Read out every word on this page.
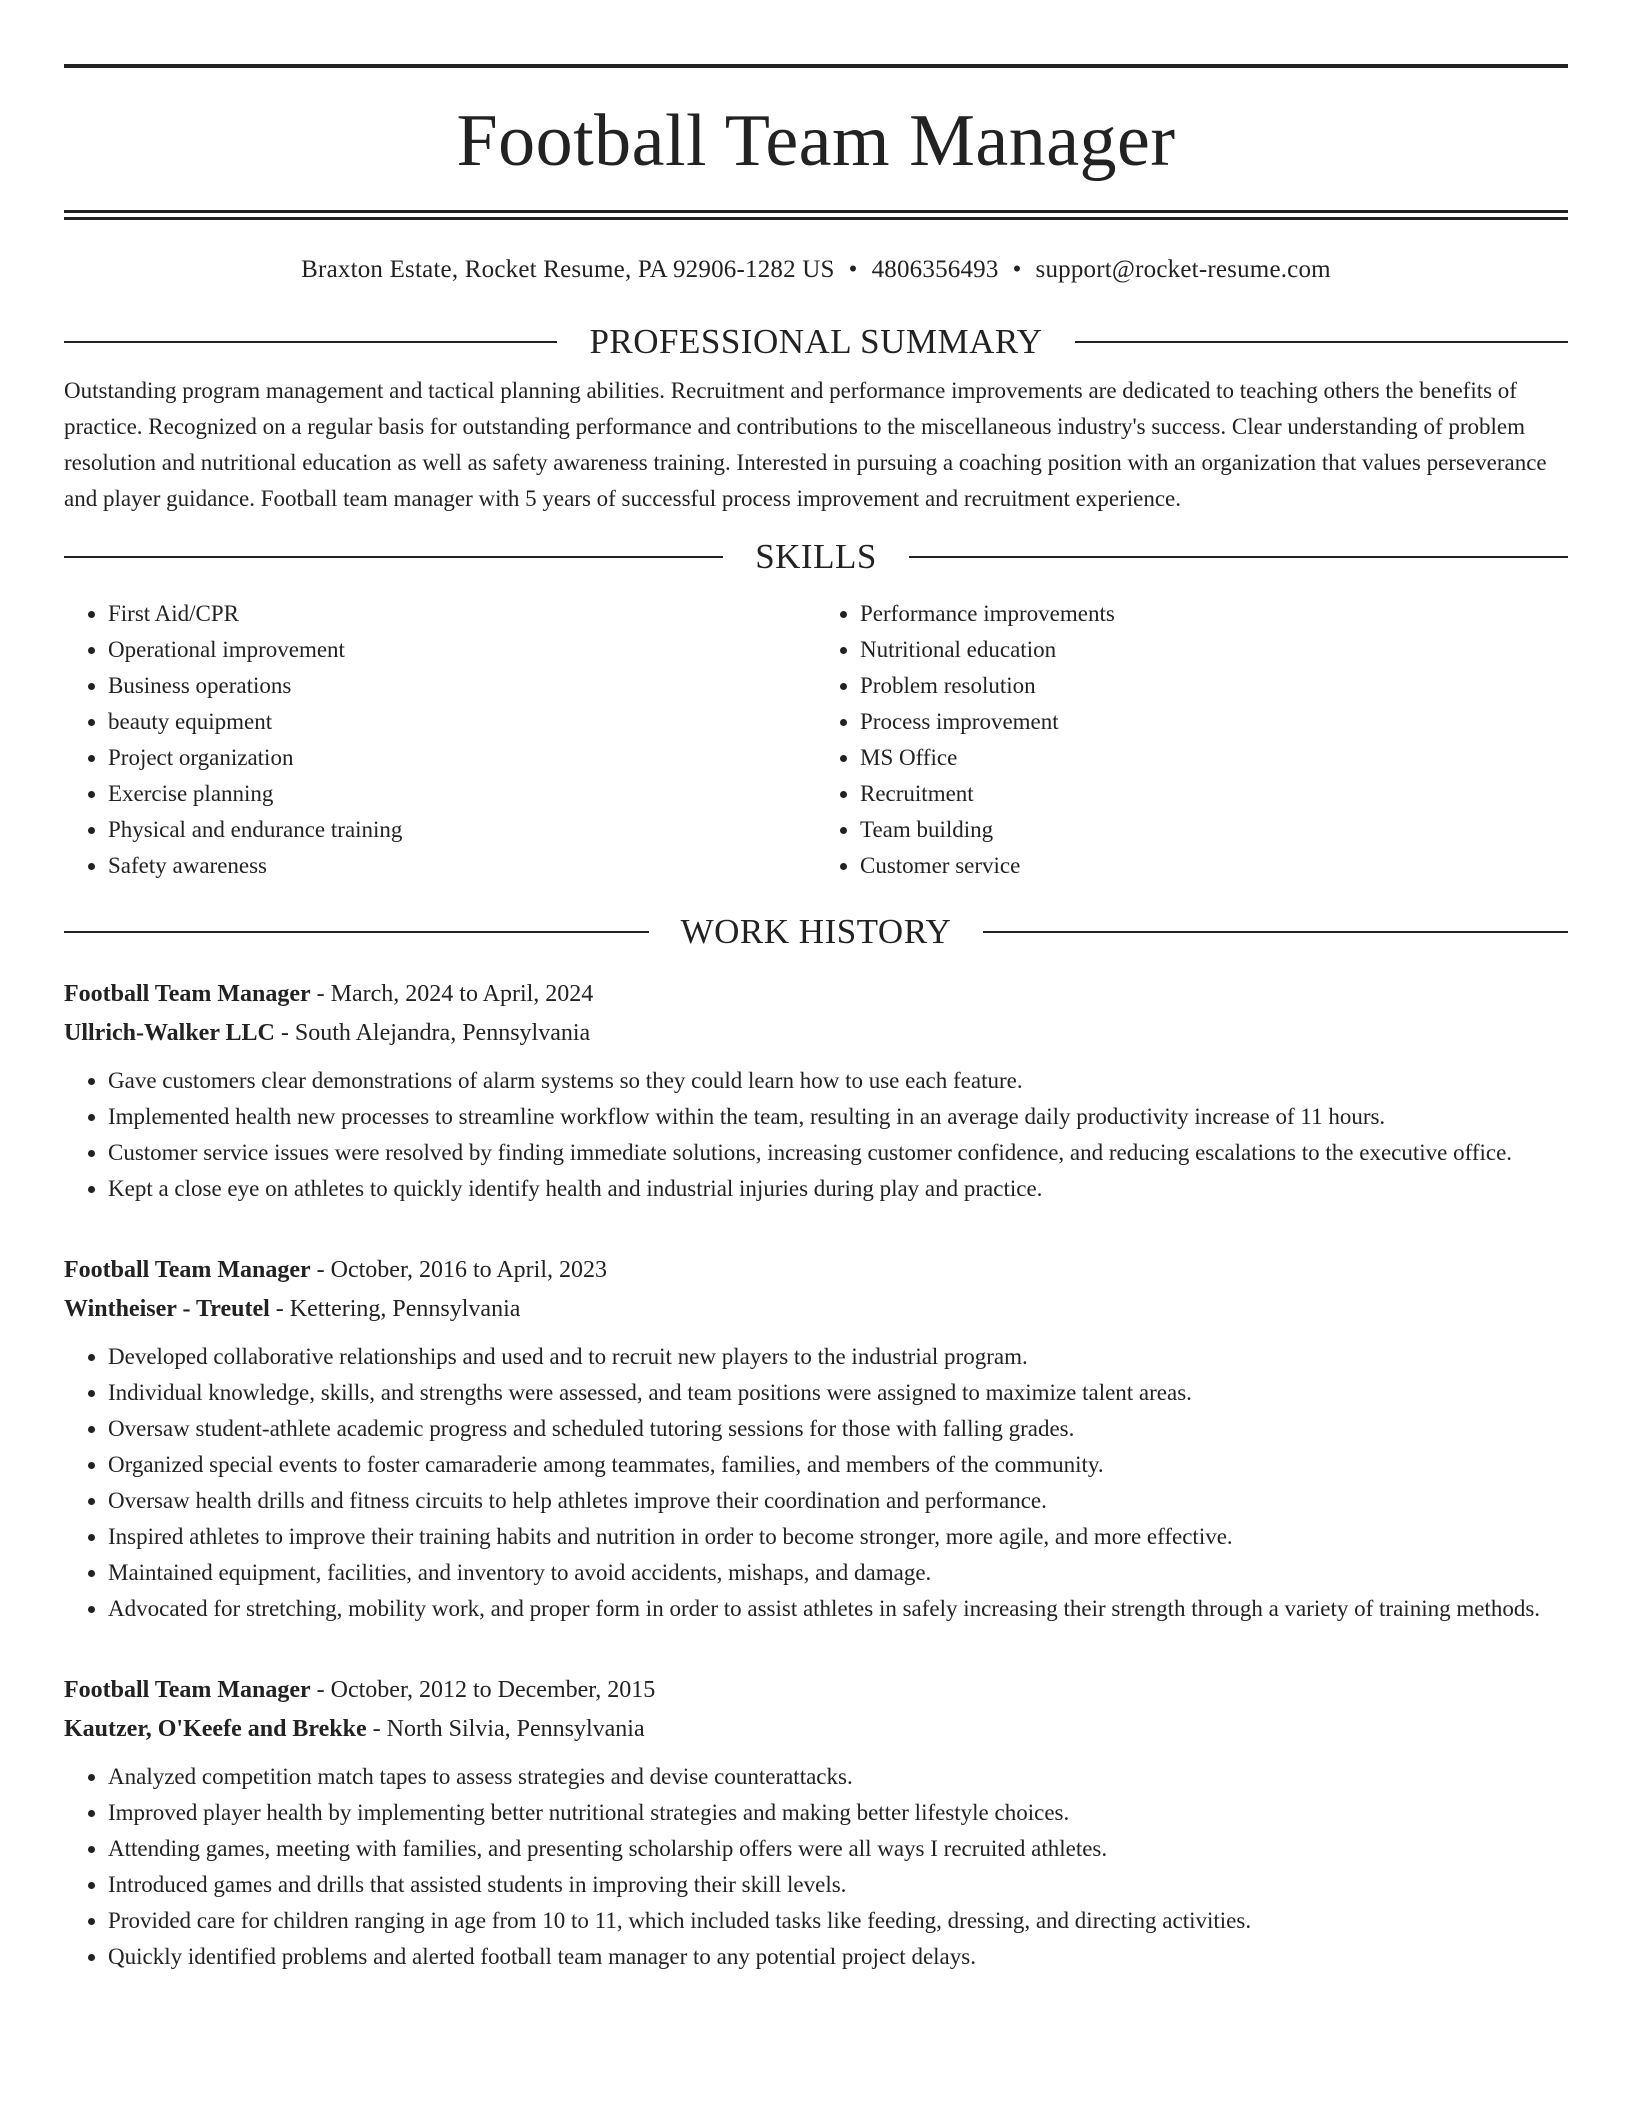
Football Team Manager
Braxton Estate, Rocket Resume, PA 92906-1282 US • 4806356493 • support@rocket-resume.com
PROFESSIONAL SUMMARY
Outstanding program management and tactical planning abilities. Recruitment and performance improvements are dedicated to teaching others the benefits of practice. Recognized on a regular basis for outstanding performance and contributions to the miscellaneous industry's success. Clear understanding of problem resolution and nutritional education as well as safety awareness training. Interested in pursuing a coaching position with an organization that values perseverance and player guidance. Football team manager with 5 years of successful process improvement and recruitment experience.
SKILLS
• First Aid/CPR
• Operational improvement
• Business operations
• beauty equipment
• Project organization
• Exercise planning
• Physical and endurance training
• Safety awareness
• Performance improvements
• Nutritional education
• Problem resolution
• Process improvement
• MS Office
• Recruitment
• Team building
• Customer service
WORK HISTORY
Football Team Manager - March, 2024 to April, 2024
Ullrich-Walker LLC - South Alejandra, Pennsylvania
• Gave customers clear demonstrations of alarm systems so they could learn how to use each feature.
• Implemented health new processes to streamline workflow within the team, resulting in an average daily productivity increase of 11 hours.
• Customer service issues were resolved by finding immediate solutions, increasing customer confidence, and reducing escalations to the executive office.
• Kept a close eye on athletes to quickly identify health and industrial injuries during play and practice.
Football Team Manager - October, 2016 to April, 2023
Wintheiser - Treutel - Kettering, Pennsylvania
• Developed collaborative relationships and used and to recruit new players to the industrial program.
• Individual knowledge, skills, and strengths were assessed, and team positions were assigned to maximize talent areas.
• Oversaw student-athlete academic progress and scheduled tutoring sessions for those with falling grades.
• Organized special events to foster camaraderie among teammates, families, and members of the community.
• Oversaw health drills and fitness circuits to help athletes improve their coordination and performance.
• Inspired athletes to improve their training habits and nutrition in order to become stronger, more agile, and more effective.
• Maintained equipment, facilities, and inventory to avoid accidents, mishaps, and damage.
• Advocated for stretching, mobility work, and proper form in order to assist athletes in safely increasing their strength through a variety of training methods.
Football Team Manager - October, 2012 to December, 2015
Kautzer, O'Keefe and Brekke - North Silvia, Pennsylvania
• Analyzed competition match tapes to assess strategies and devise counterattacks.
• Improved player health by implementing better nutritional strategies and making better lifestyle choices.
• Attending games, meeting with families, and presenting scholarship offers were all ways I recruited athletes.
• Introduced games and drills that assisted students in improving their skill levels.
• Provided care for children ranging in age from 10 to 11, which included tasks like feeding, dressing, and directing activities.
• Quickly identified problems and alerted football team manager to any potential project delays.
